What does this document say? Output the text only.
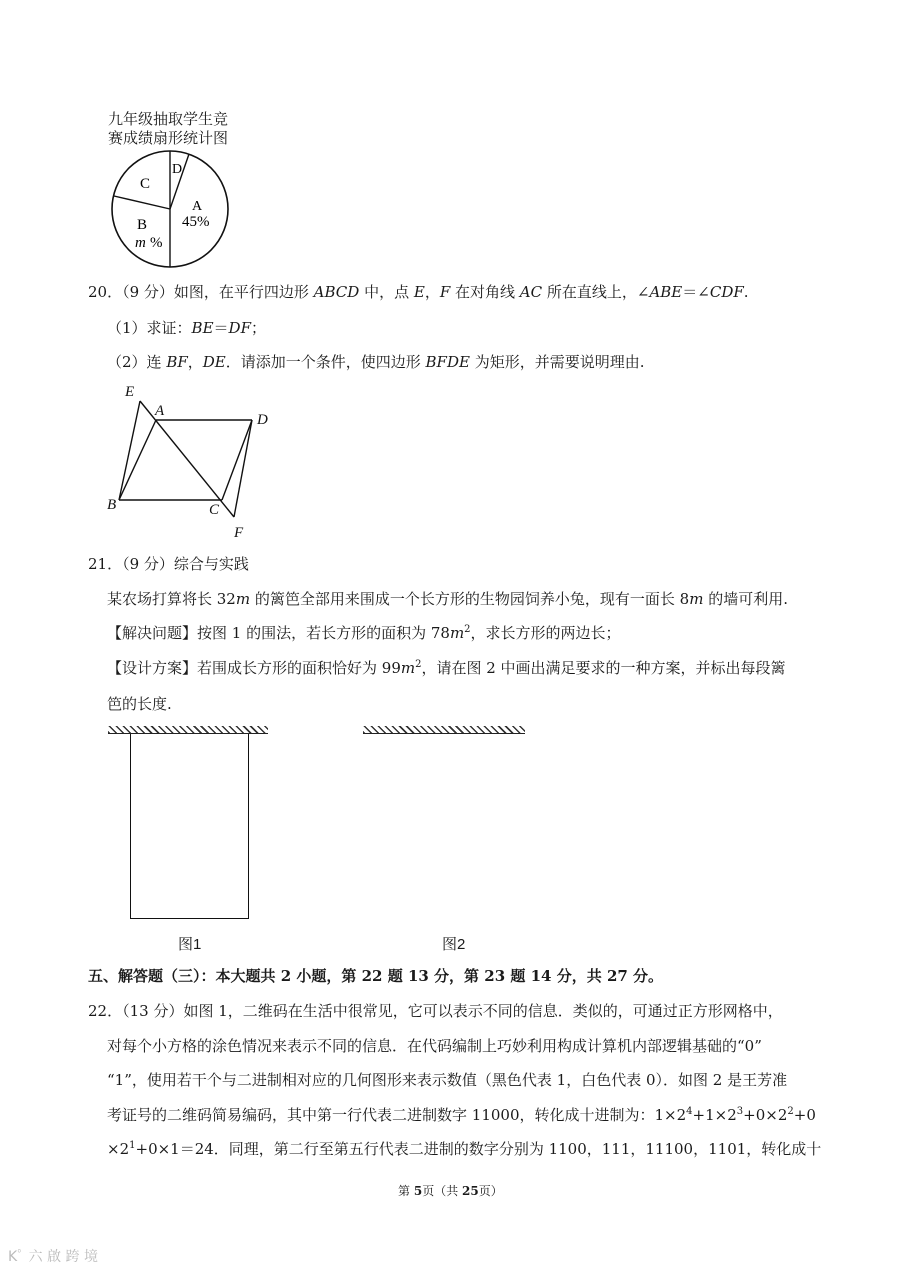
九年级抽取学生竞
赛成绩扇形统计图
D
C
A
45%
B
m %
20．（9 分）如图，在平行四边形 ABCD 中，点 E，F 在对角线 AC 所在直线上，∠ABE＝∠CDF.
（1）求证：BE＝DF；
（2）连 BF，DE．请添加一个条件，使四边形 BFDE 为矩形，并需要说明理由.
E
A
D
B	C
F
21．（9 分）综合与实践
某农场打算将长 32m 的篱笆全部用来围成一个长方形的生物园饲养小兔，现有一面长 8m 的墙可利用.
【解决问题】按图 1 的围法，若长方形的面积为 $78m^2$，求长方形的两边长；
【设计方案】若围成长方形的面积恰好为 $99m^2$，请在图 2 中画出满足要求的一种方案，并标出每段篱
笆的长度.
图1	图2
五、解答题（三）：本大题共 2 小题，第 22 题 13 分，第 23 题 14 分，共 27 分。
22．（13 分）如图 1，二维码在生活中很常见，它可以表示不同的信息．类似的，可通过正方形网格中，
对每个小方格的涂色情况来表示不同的信息．在代码编制上巧妙利用构成计算机内部逻辑基础的“0”
“1”，使用若干个与二进制相对应的几何图形来表示数值（黑色代表 1，白色代表 0）．如图 2 是王芳准
考证号的二维码简易编码，其中第一行代表二进制数字 11000，转化成十进制为：$1\times 2^4+1\times 2^3+0\times 2^2+0$
$\times 2^1+0\times 1=24$．同理，第二行至第五行代表二进制的数字分别为 1100，111，11100，1101，转化成十
第 5页（共 25页）
Kﾟ 六 啟 跨 境
